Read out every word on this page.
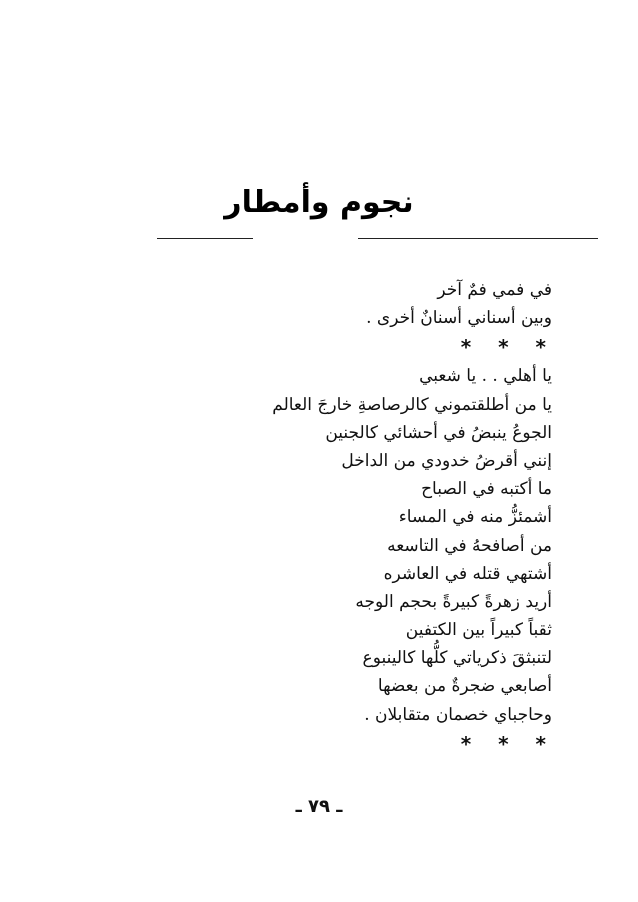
نجوم وأمطار
في فمي فمٌ آخر
وبين أسناني أسنانٌ أخرى .
* * *
يا أهلي . . يا شعبي
يا من أطلقتموني كالرصاصةِ خارجَ العالم
الجوعُ ينبضُ في أحشائي كالجنين
إنني أقرضُ خدودي من الداخل
ما أكتبه في الصباح
أشمئزُّ منه في المساء
من أصافحهُ في التاسعه
أشتهي قتله في العاشره
أريد زهرةً كبيرةً بحجم الوجه
ثقباً كبيراً بين الكتفين
لتنبثقَ ذكرياتي كلُّها كالينبوع
أصابعي ضجرةٌ من بعضها
وحاجباي خصمان متقابلان .
* * *
ـ ٧٩ ـ
